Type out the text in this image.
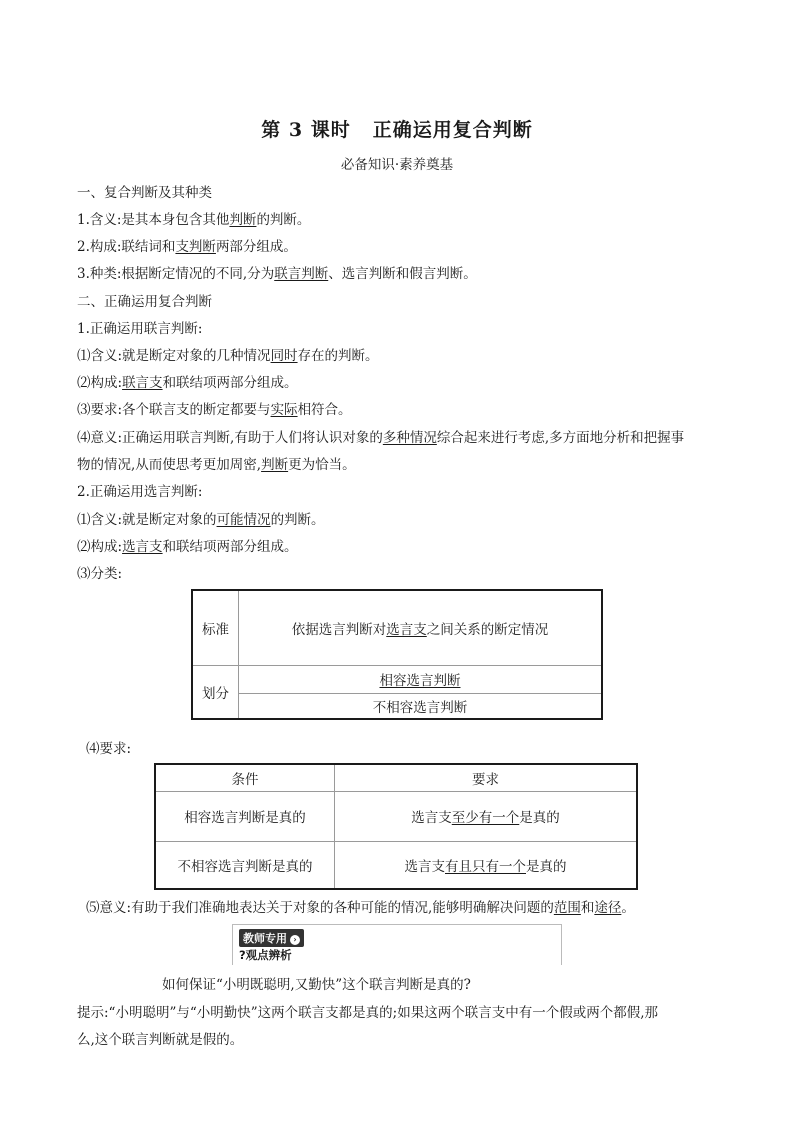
第 3 课时 正确运用复合判断
必备知识·素养奠基
一、复合判断及其种类
1.含义:是其本身包含其他判断的判断。
2.构成:联结词和支判断两部分组成。
3.种类:根据断定情况的不同,分为联言判断、选言判断和假言判断。
二、正确运用复合判断
1.正确运用联言判断:
⑴含义:就是断定对象的几种情况同时存在的判断。
⑵构成:联言支和联结项两部分组成。
⑶要求:各个联言支的断定都要与实际相符合。
⑷意义:正确运用联言判断,有助于人们将认识对象的多种情况综合起来进行考虑,多方面地分析和把握事
物的情况,从而使思考更加周密,判断更为恰当。
2.正确运用选言判断:
⑴含义:就是断定对象的可能情况的判断。
⑵构成:选言支和联结项两部分组成。
⑶分类:
标准	依据选言判断对选言支之间关系的断定情况
划分	相容选言判断
	不相容选言判断
⑷要求:
条件	要求
相容选言判断是真的	选言支至少有一个是真的
不相容选言判断是真的	选言支有且只有一个是真的
⑸意义:有助于我们准确地表达关于对象的各种可能的情况,能够明确解决问题的范围和途径。
教师专用 ›
?观点辨析
如何保证“小明既聪明,又勤快”这个联言判断是真的?
提示:“小明聪明”与“小明勤快”这两个联言支都是真的;如果这两个联言支中有一个假或两个都假,那
么,这个联言判断就是假的。
